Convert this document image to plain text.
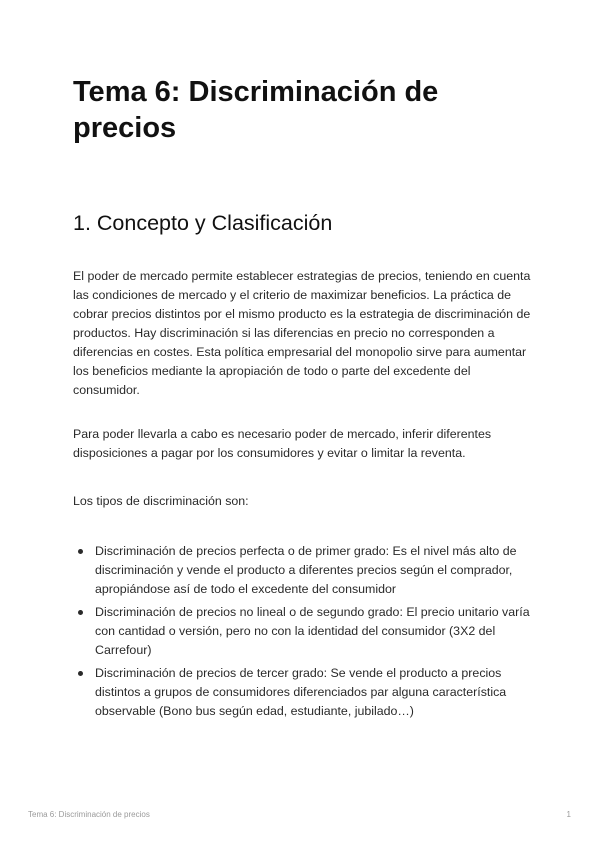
Tema 6: Discriminación de precios
1. Concepto y Clasificación

El poder de mercado permite establecer estrategias de precios, teniendo en cuenta las condiciones de mercado y el criterio de maximizar beneficios. La práctica de cobrar precios distintos por el mismo producto es la estrategia de discriminación de productos. Hay discriminación si las diferencias en precio no corresponden a diferencias en costes. Esta política empresarial del monopolio sirve para aumentar los beneficios mediante la apropiación de todo o parte del excedente del consumidor.

Para poder llevarla a cabo es necesario poder de mercado, inferir diferentes disposiciones a pagar por los consumidores y evitar o limitar la reventa.

Los tipos de discriminación son:

Discriminación de precios perfecta o de primer grado: Es el nivel más alto de discriminación y vende el producto a diferentes precios según el comprador, apropiándose así de todo el excedente del consumidor
Discriminación de precios no lineal o de segundo grado: El precio unitario varía con cantidad o versión, pero no con la identidad del consumidor (3X2 del Carrefour)
Discriminación de precios de tercer grado: Se vende el producto a precios distintos a grupos de consumidores diferenciados par alguna característica observable (Bono bus según edad, estudiante, jubilado…)
Tema 6: Discriminación de precios	1
